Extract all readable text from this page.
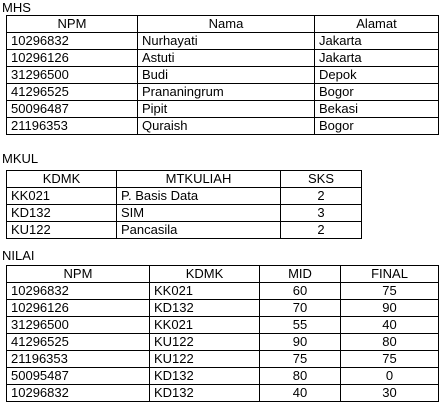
MHS
NPM	Nama	Alamat
10296832	Nurhayati	Jakarta
10296126	Astuti	Jakarta
31296500	Budi	Depok
41296525	Prananingrum	Bogor
50096487	Pipit	Bekasi
21196353	Quraish	Bogor
MKUL
KDMK	MTKULIAH	SKS
KK021	P. Basis Data	2
KD132	SIM	3
KU122	Pancasila	2
NILAI
NPM	KDMK	MID	FINAL
10296832	KK021	60	75
10296126	KD132	70	90
31296500	KK021	55	40
41296525	KU122	90	80
21196353	KU122	75	75
50095487	KD132	80	0
10296832	KD132	40	30
